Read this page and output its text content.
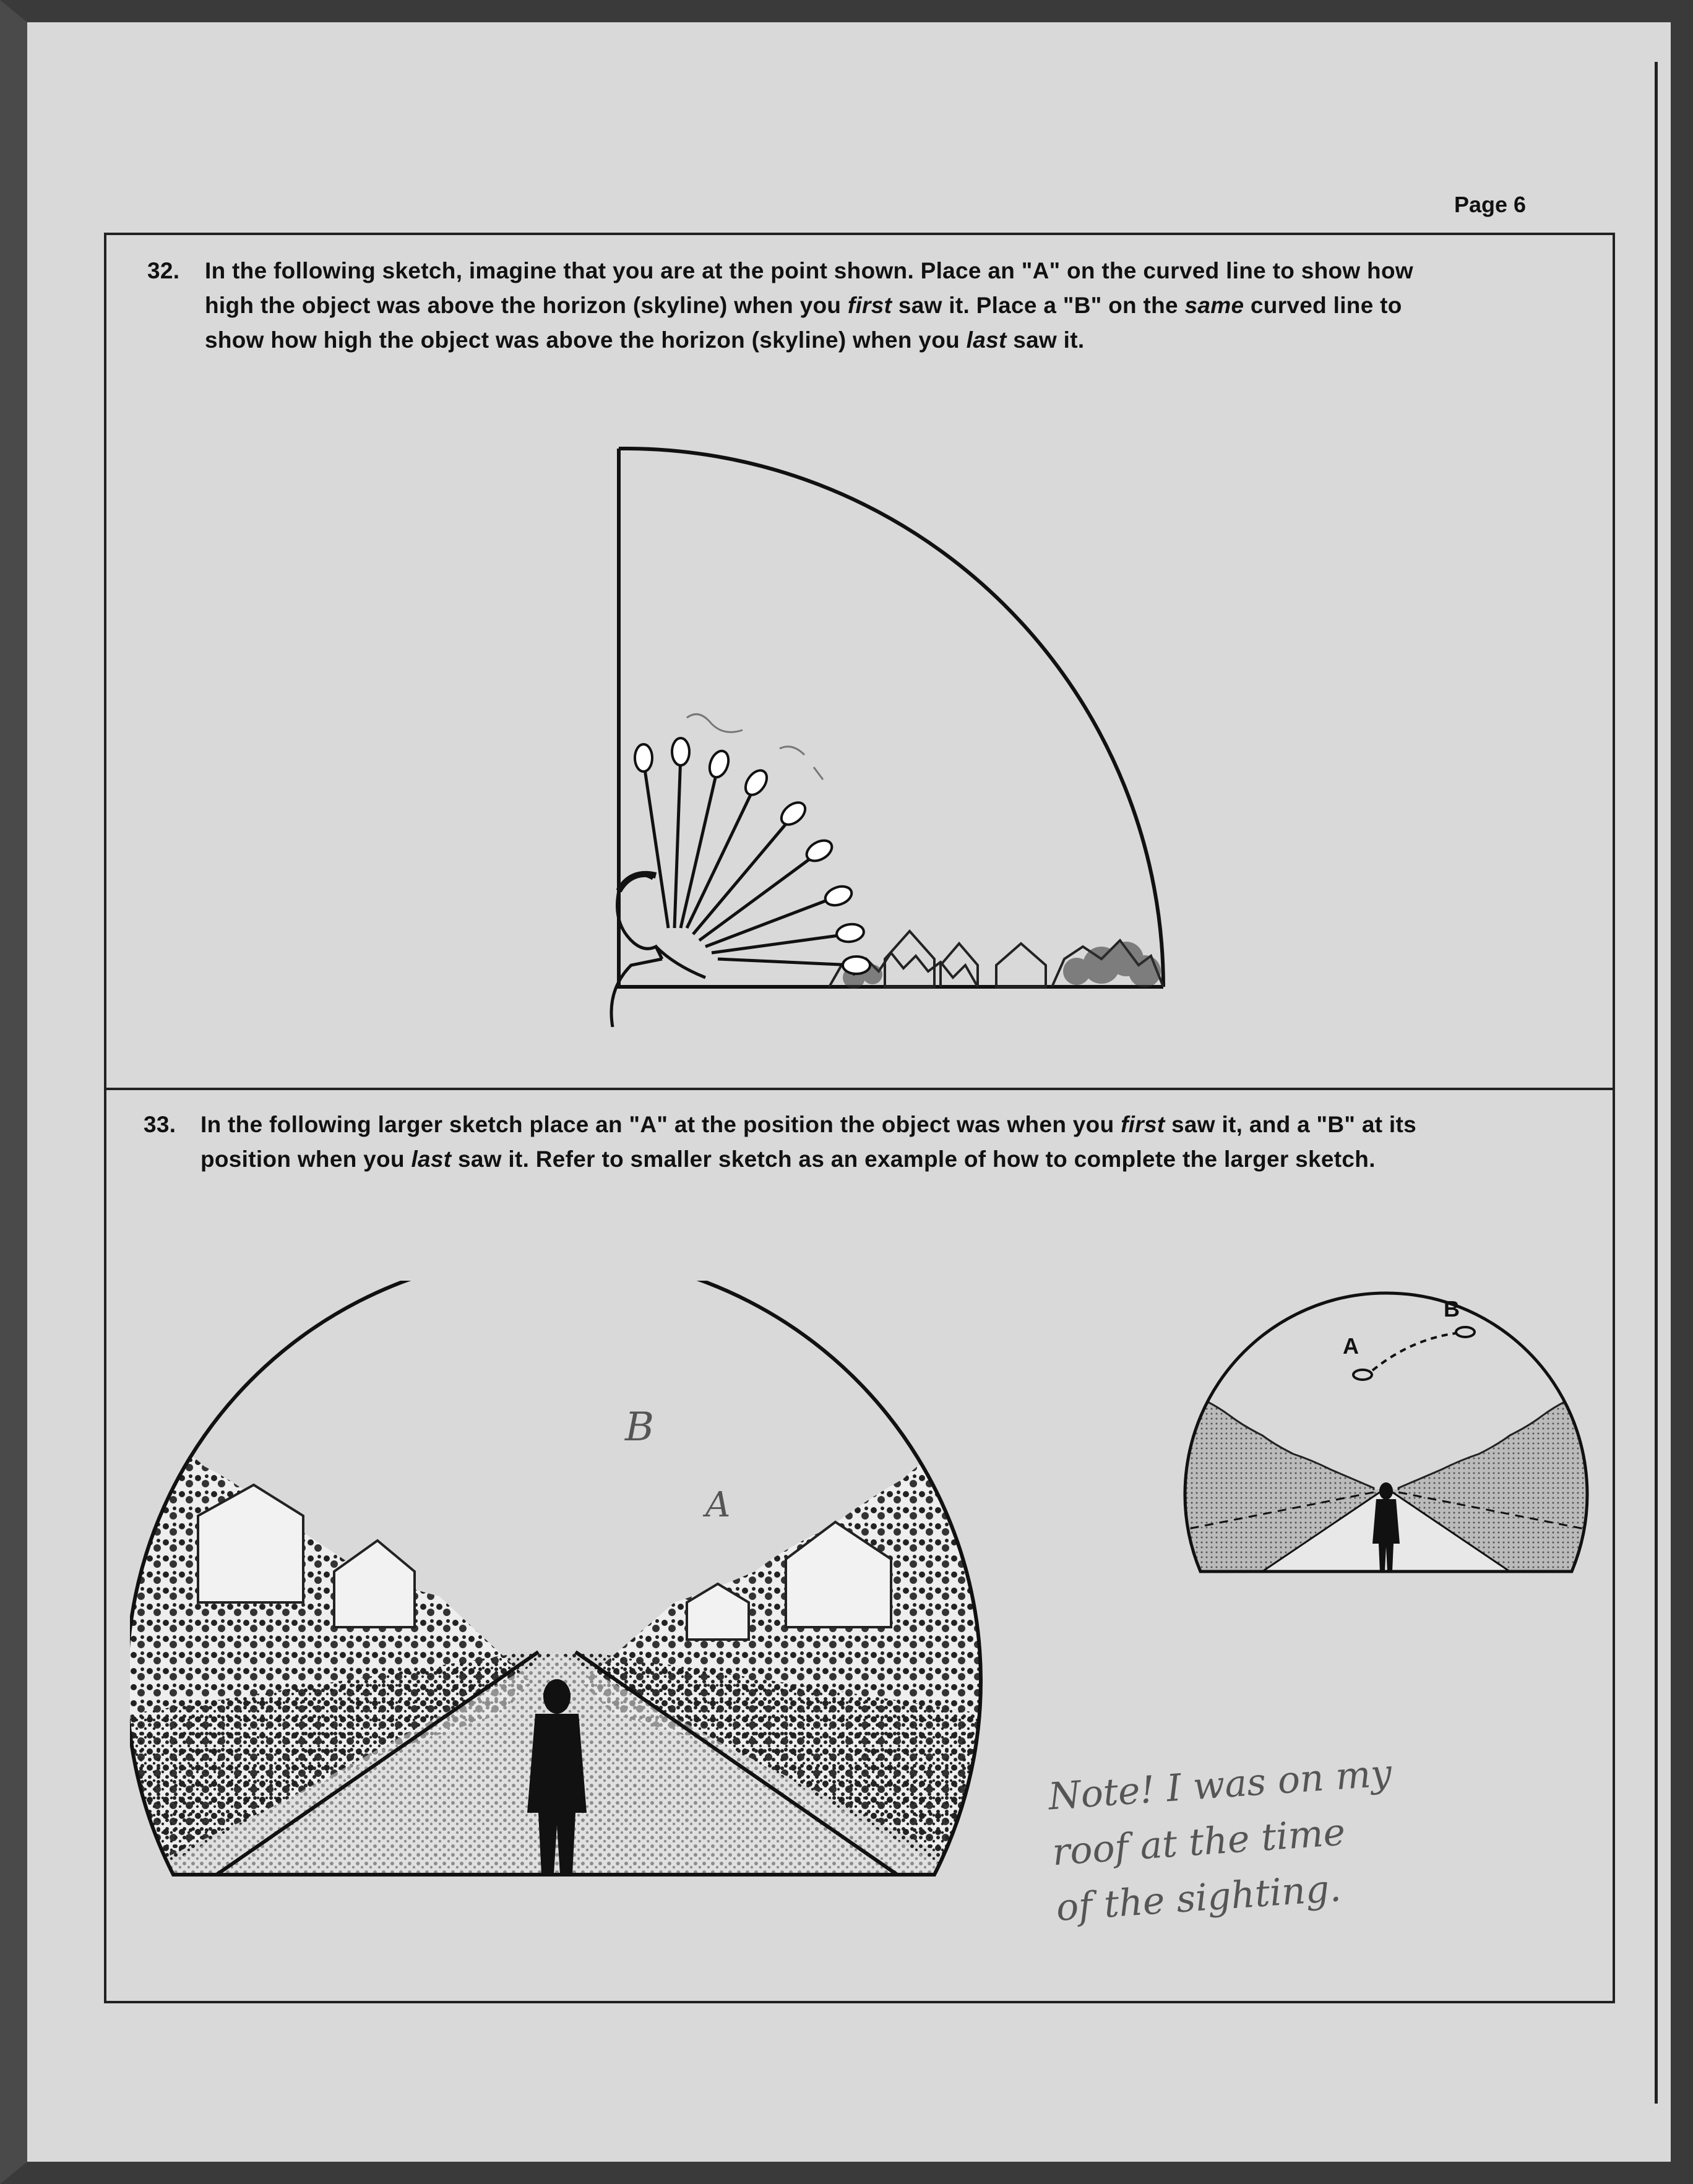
Page 6
32. In the following sketch, imagine that you are at the point shown. Place an "A" on the curved line to show how
high the object was above the horizon (skyline) when you first saw it. Place a "B" on the same curved line to
show how high the object was above the horizon (skyline) when you last saw it.
33. In the following larger sketch place an "A" at the position the object was when you first saw it, and a "B" at its
position when you last saw it. Refer to smaller sketch as an example of how to complete the larger sketch.
B
A
A
B
Note! I was on my
roof at the time
of the sighting.
